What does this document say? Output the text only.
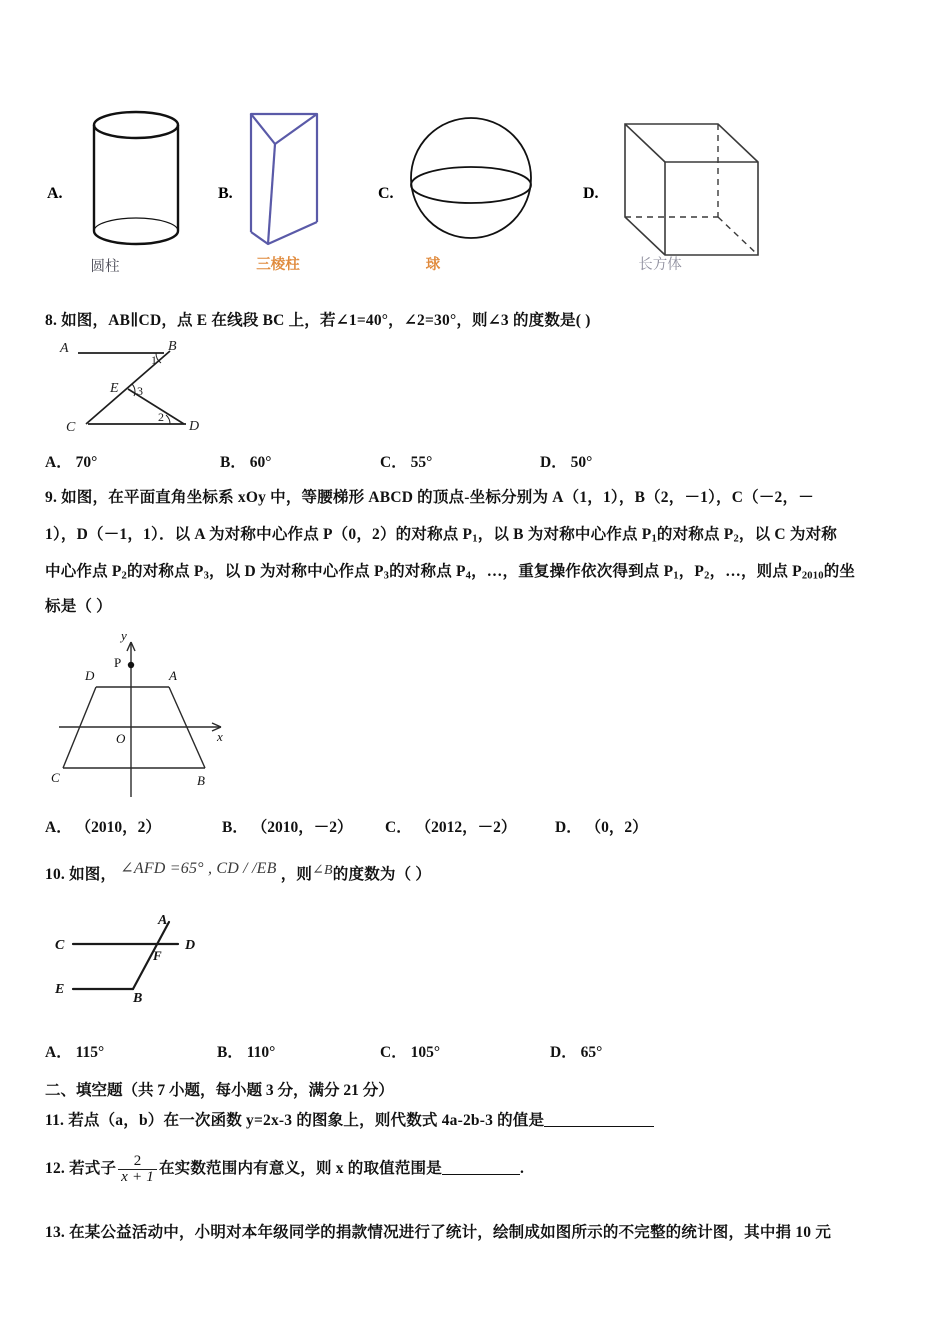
A.
圆柱
B.
三棱柱
C.
球
D.
长方体
8. 如图，AB∥CD，点 E 在线段 BC 上，若∠1=40°，∠2=30°，则∠3 的度数是( )
A	B
C	D
E
1
2
3
A． 70°	B． 60°	C． 55°	D． 50°
9. 如图，在平面直角坐标系 xOy 中，等腰梯形 ABCD 的顶点-坐标分别为 A（1，1），B（2，－1），C（－2，－
1），D（－1，1）．以 A 为对称中心作点 P（0，2）的对称点 $P_1$，以 B 为对称中心作点 $P_1$的对称点 $P_2$，以 C 为对称
中心作点 $P_2$的对称点 $P_3$，以 D 为对称中心作点 $P_3$的对称点 $P_4$，…，重复操作依次得到点 $P_1$，$P_2$，…，则点 $P_{2010}$的坐
标是（ ）
P
y
x
O
D	A
C	B
A． （2010，2）	B． （2010，－2） C． （2012，－2） D． （0，2）
10. 如图， ∠AFD =65° , CD / /EB ，则∠B的度数为（ ）
A
D
C
E
B
F
A． 115°	B． 110°	C． 105°	D． 65°
二、填空题（共 7 小题，每小题 3 分，满分 21 分）
11. 若点（a，b）在一次函数 y=2x-3 的图象上，则代数式 4a-2b-3 的值是
12. 若式子 $\frac{2}{x + 1}$ 在实数范围内有意义，则 x 的取值范围是	.
13. 在某公益活动中，小明对本年级同学的捐款情况进行了统计，绘制成如图所示的不完整的统计图，其中捐 10 元
